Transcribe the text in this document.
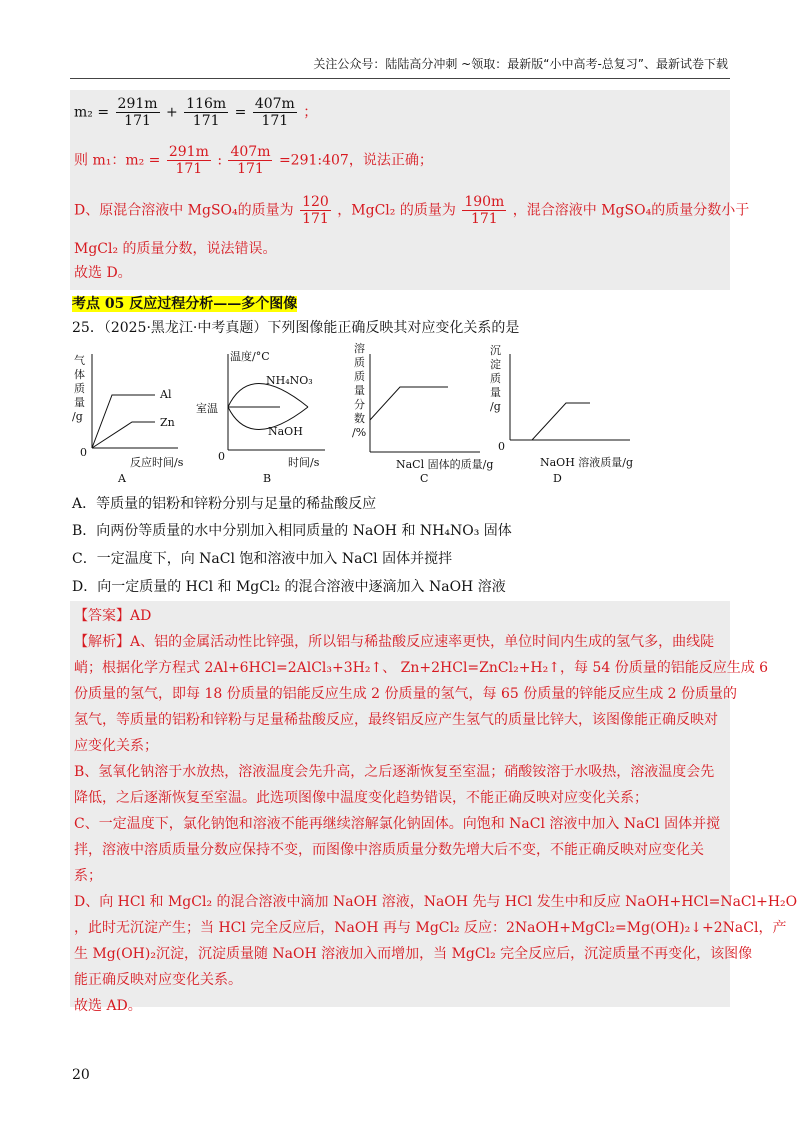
关注公众号：陆陆高分冲刺 ~领取：最新版“小中高考-总复习”、最新试卷下载
$m_2 = \frac{291m}{171} + \frac{116m}{171} = \frac{407m}{171}$ ；
则 m₁：$m_2 = \frac{291m}{171}$ : $\frac{407m}{171}$ =291:407，说法正确；
D、原混合溶液中 MgSO₄的质量为 $\frac{120}{171}$ ，MgCl₂ 的质量为 $\frac{190m}{171}$ ，混合溶液中 MgSO₄的质量分数小于
MgCl₂ 的质量分数，说法错误。
故选 D。
考点 05 反应过程分析——多个图像
25．（2025·黑龙江·中考真题）下列图像能正确反映其对应变化关系的是
气
体
质
量
/g
0
Al
Zn
反应时间/s
A
温度/°C
室温
NH₄NO₃
NaOH
0	时间/s
B
溶
质
质
量
分
数
/%
NaCl 固体的质量/g
C
沉
淀
质
量
/g
0
NaOH 溶液质量/g
D
A．等质量的铝粉和锌粉分别与足量的稀盐酸反应
B．向两份等质量的水中分别加入相同质量的 NaOH 和 NH₄NO₃ 固体
C．一定温度下，向 NaCl 饱和溶液中加入 NaCl 固体并搅拌
D．向一定质量的 HCl 和 MgCl₂ 的混合溶液中逐滴加入 NaOH 溶液
【答案】AD
【解析】A、铝的金属活动性比锌强，所以铝与稀盐酸反应速率更快，单位时间内生成的氢气多，曲线陡
峭；根据化学方程式 2Al+6HCl=2AlCl₃+3H₂↑、 Zn+2HCl=ZnCl₂+H₂↑，每 54 份质量的铝能反应生成 6
份质量的氢气，即每 18 份质量的铝能反应生成 2 份质量的氢气，每 65 份质量的锌能反应生成 2 份质量的
氢气，等质量的铝粉和锌粉与足量稀盐酸反应，最终铝反应产生氢气的质量比锌大，该图像能正确反映对
应变化关系；
B、氢氧化钠溶于水放热，溶液温度会先升高，之后逐渐恢复至室温；硝酸铵溶于水吸热，溶液温度会先
降低，之后逐渐恢复至室温。此选项图像中温度变化趋势错误，不能正确反映对应变化关系；
C、一定温度下，氯化钠饱和溶液不能再继续溶解氯化钠固体。向饱和 NaCl 溶液中加入 NaCl 固体并搅
拌，溶液中溶质质量分数应保持不变，而图像中溶质质量分数先增大后不变，不能正确反映对应变化关
系；
D、向 HCl 和 MgCl₂ 的混合溶液中滴加 NaOH 溶液，NaOH 先与 HCl 发生中和反应 NaOH+HCl=NaCl+H₂O
，此时无沉淀产生；当 HCl 完全反应后，NaOH 再与 MgCl₂ 反应：2NaOH+MgCl₂=Mg(OH)₂↓+2NaCl，产
生 Mg(OH)₂沉淀，沉淀质量随 NaOH 溶液加入而增加，当 MgCl₂ 完全反应后，沉淀质量不再变化，该图像
能正确反映对应变化关系。
故选 AD。
20
